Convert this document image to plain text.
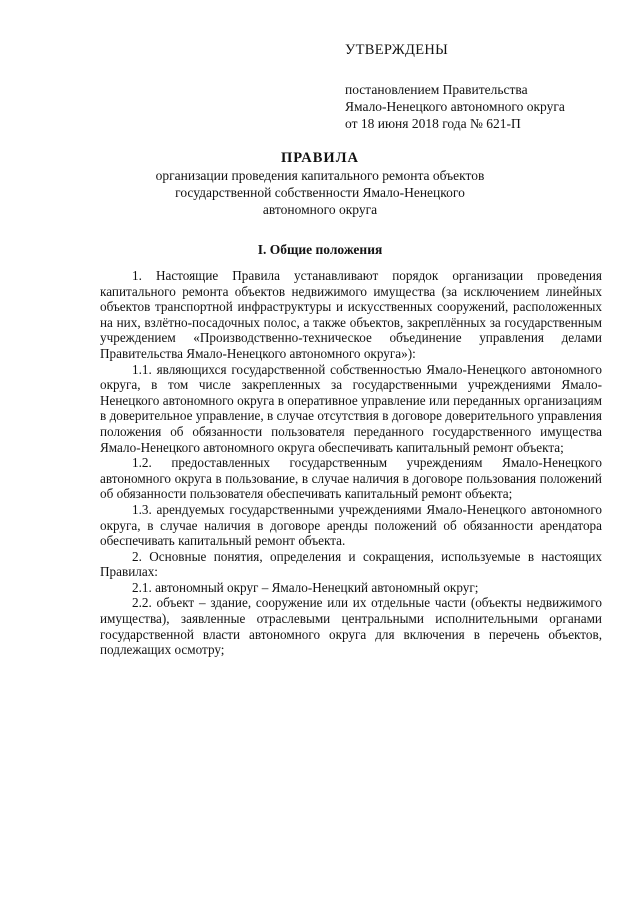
УТВЕРЖДЕНЫ
постановлением Правительства
Ямало-Ненецкого автономного округа
от 18 июня 2018 года № 621-П
ПРАВИЛА
организации проведения капитального ремонта объектов
государственной собственности Ямало-Ненецкого
автономного округа
I. Общие положения

1. Настоящие Правила устанавливают порядок организации проведения капитального ремонта объектов недвижимого имущества (за исключением линейных объектов транспортной инфраструктуры и искусственных сооружений, расположенных на них, взлётно-посадочных полос, а также объектов, закреплённых за государственным учреждением «Производственно-техническое объединение управления делами Правительства Ямало-Ненецкого автономного округа»):

1.1. являющихся государственной собственностью Ямало-Ненецкого автономного округа, в том числе закрепленных за государственными учреждениями Ямало-Ненецкого автономного округа в оперативное управление или переданных организациям в доверительное управление, в случае отсутствия в договоре доверительного управления положения об обязанности пользователя переданного государственного имущества Ямало-Ненецкого автономного округа обеспечивать капитальный ремонт объекта;

1.2. предоставленных государственным учреждениям Ямало-Ненецкого автономного округа в пользование, в случае наличия в договоре пользования положений об обязанности пользователя обеспечивать капитальный ремонт объекта;

1.3. арендуемых государственными учреждениями Ямало-Ненецкого автономного округа, в случае наличия в договоре аренды положений об обязанности арендатора обеспечивать капитальный ремонт объекта.

2. Основные понятия, определения и сокращения, используемые в настоящих Правилах:

2.1. автономный округ – Ямало-Ненецкий автономный округ;

2.2. объект – здание, сооружение или их отдельные части (объекты недвижимого имущества), заявленные отраслевыми центральными исполнительными органами государственной власти автономного округа для включения в перечень объектов, подлежащих осмотру;
